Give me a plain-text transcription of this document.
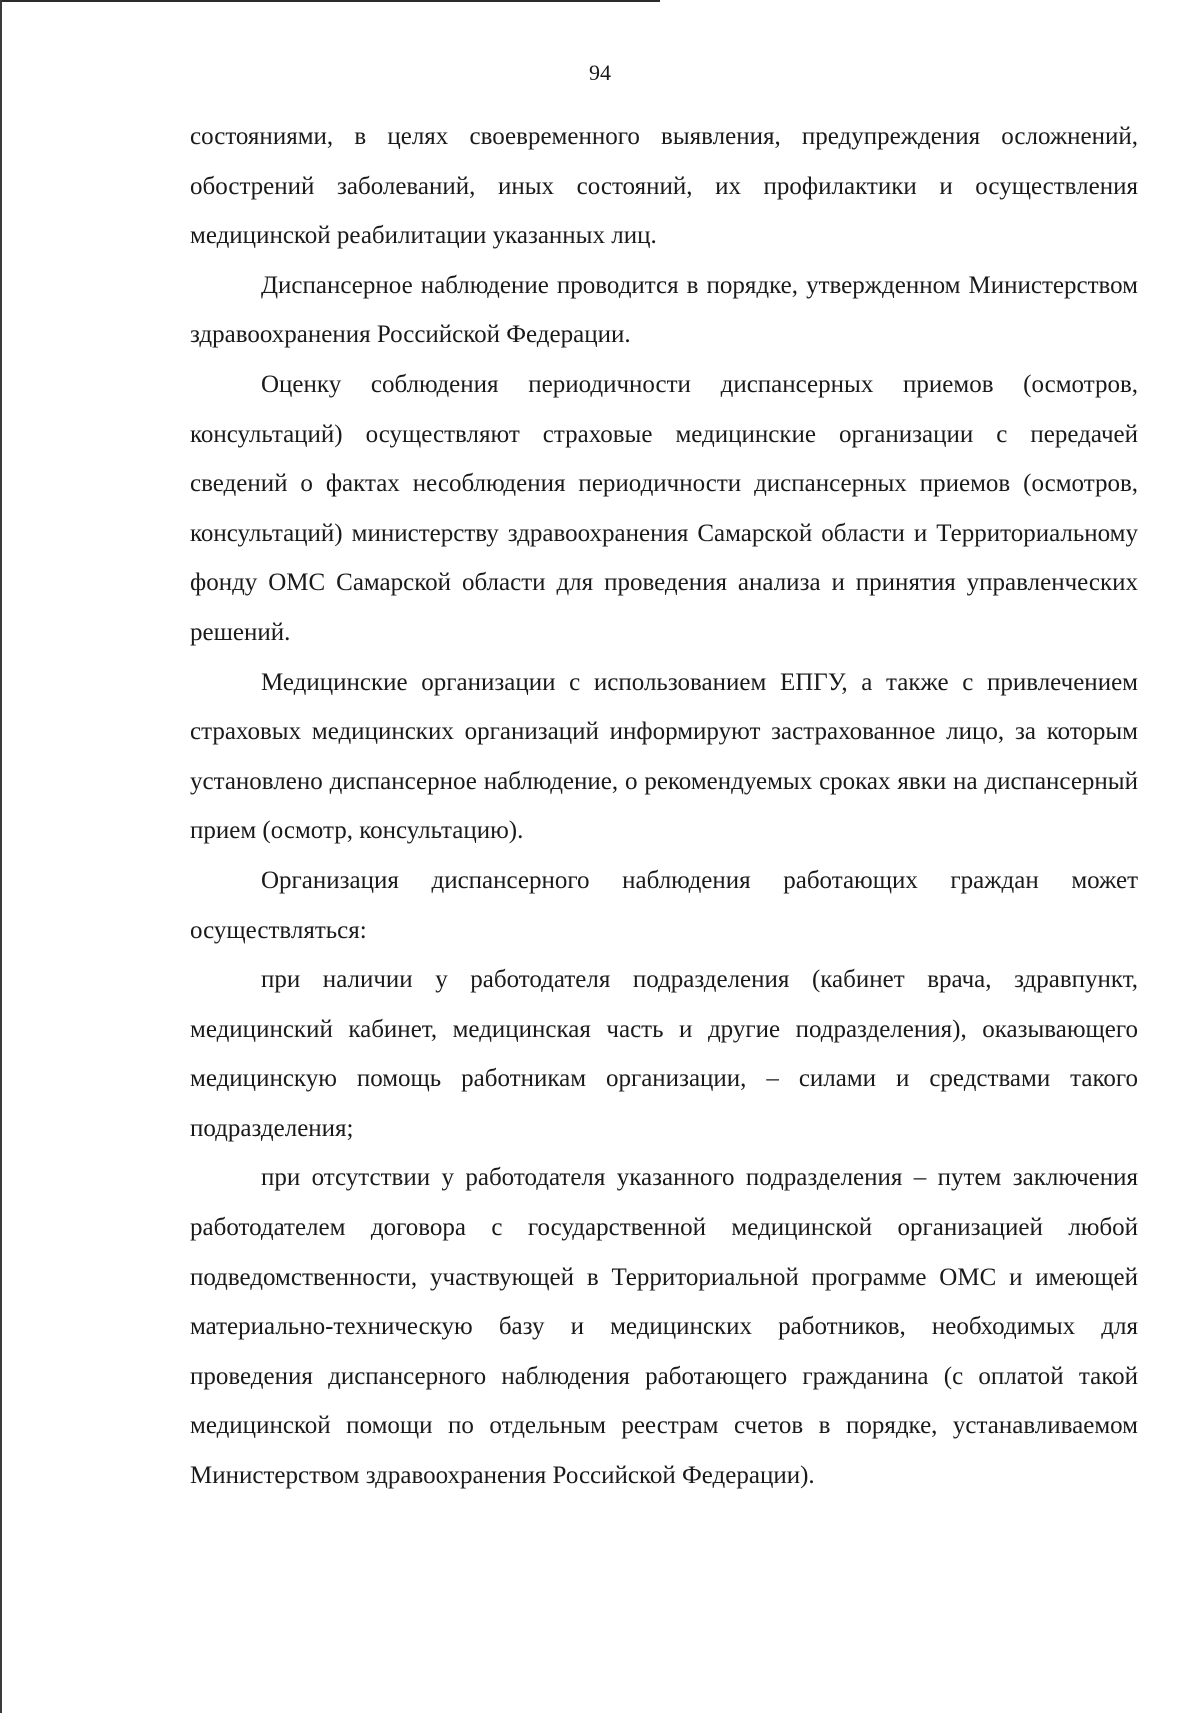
94

состояниями, в целях своевременного выявления, предупреждения осложнений, обострений заболеваний, иных состояний, их профилактики и осуществления медицинской реабилитации указанных лиц.

Диспансерное наблюдение проводится в порядке, утвержденном Министерством здравоохранения Российской Федерации.

Оценку соблюдения периодичности диспансерных приемов (осмотров, консультаций) осуществляют страховые медицинские организации с передачей сведений о фактах несоблюдения периодичности диспансерных приемов (осмотров, консультаций) министерству здравоохранения Самарской области и Территориальному фонду ОМС Самарской области для проведения анализа и принятия управленческих решений.

Медицинские организации с использованием ЕПГУ, а также с привлечением страховых медицинских организаций информируют застрахованное лицо, за которым установлено диспансерное наблюдение, о рекомендуемых сроках явки на диспансерный прием (осмотр, консультацию).

Организация диспансерного наблюдения работающих граждан может осуществляться:

при наличии у работодателя подразделения (кабинет врача, здравпункт, медицинский кабинет, медицинская часть и другие подразделения), оказывающего медицинскую помощь работникам организации, – силами и средствами такого подразделения;

при отсутствии у работодателя указанного подразделения – путем заключения работодателем договора с государственной медицинской организацией любой подведомственности, участвующей в Территориальной программе ОМС и имеющей материально-техническую базу и медицинских работников, необходимых для проведения диспансерного наблюдения работающего гражданина (с оплатой такой медицинской помощи по отдельным реестрам счетов в порядке, устанавливаемом Министерством здравоохранения Российской Федерации).
